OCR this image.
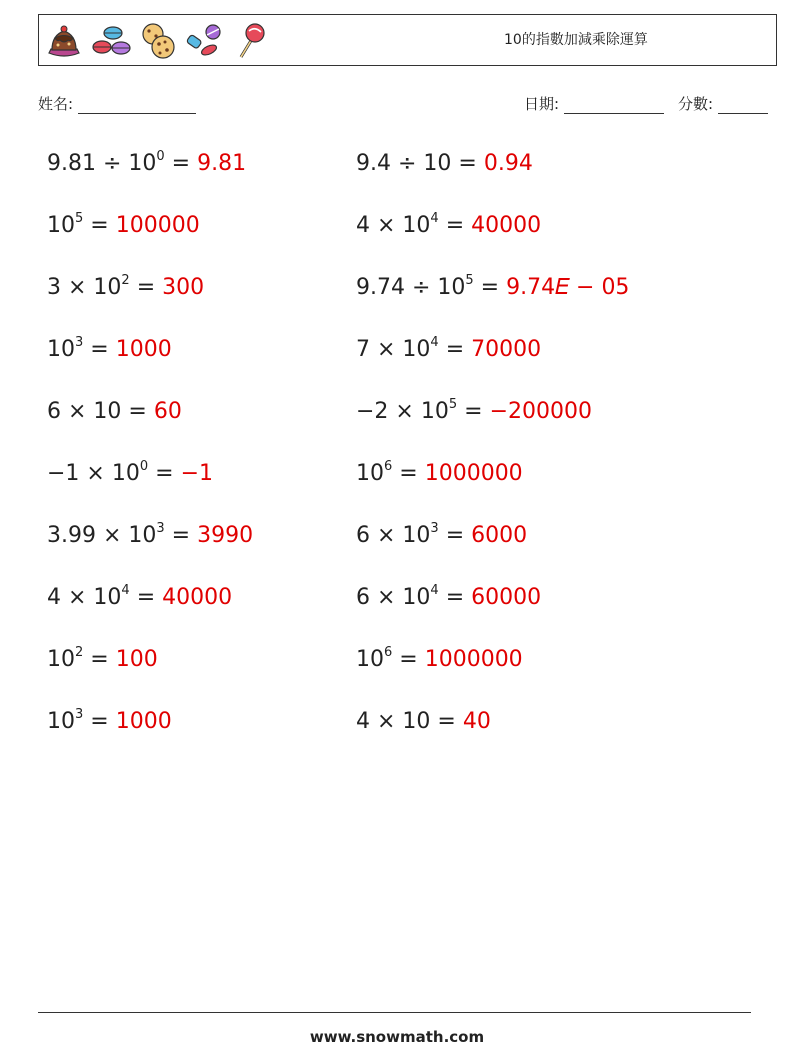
10的指數加減乘除運算
姓名:	日期:	分數:
$9.81 \div 10^0 = 9.81$	9.4 ÷ 10 = 0.94
$10^5 = 100000$	$4 \times 10^4 = 40000$
$3 \times 10^2 = 300$	$9.74 \div 10^5$ = 9.74𝐸 − 05
$10^3 = 1000$	$7 \times 10^4 = 70000$
6 × 10 = 60	$-2 \times 10^5 = -200000$
$-1 \times 10^0 = -1$	$10^6 = 1000000$
$3.99 \times 10^3 = 3990$	$6 \times 10^3 = 6000$
$4 \times 10^4 = 40000$	$6 \times 10^4 = 60000$
$10^2 = 100$	$10^6 = 1000000$
$10^3 = 1000$	4 × 10 = 40
www.snowmath.com
